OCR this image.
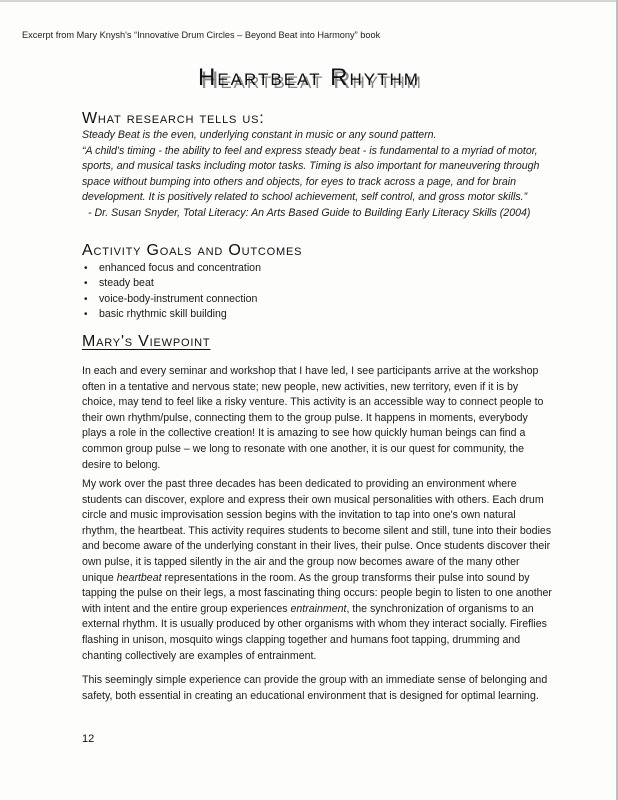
Excerpt from Mary Knysh's “Innovative Drum Circles – Beyond Beat into Harmony” book
Heartbeat Rhythm
What research tells us:

Steady Beat is the even, underlying constant in music or any sound pattern.

“A child's timing - the ability to feel and express steady beat - is fundamental to a myriad of motor, sports, and musical tasks including motor tasks. Timing is also important for maneuvering through space without bumping into others and objects, for eyes to track across a page, and for brain development. It is positively related to school achievement, self control, and gross motor skills.”

- Dr. Susan Snyder, Total Literacy: An Arts Based Guide to Building Early Literacy Skills (2004)

Activity Goals and Outcomes
• enhanced focus and concentration
• steady beat
• voice-body-instrument connection
• basic rhythmic skill building
Mary's Viewpoint

In each and every seminar and workshop that I have led, I see participants arrive at the workshop often in a tentative and nervous state; new people, new activities, new territory, even if it is by choice, may tend to feel like a risky venture. This activity is an accessible way to connect people to their own rhythm/pulse, connecting them to the group pulse. It happens in moments, everybody plays a role in the collective creation! It is amazing to see how quickly human beings can find a common group pulse – we long to resonate with one another, it is our quest for community, the desire to belong.

My work over the past three decades has been dedicated to providing an environment where students can discover, explore and express their own musical personalities with others. Each drum circle and music improvisation session begins with the invitation to tap into one's own natural rhythm, the heartbeat. This activity requires students to become silent and still, tune into their bodies and become aware of the underlying constant in their lives, their pulse. Once students discover their own pulse, it is tapped silently in the air and the group now becomes aware of the many other unique heartbeat representations in the room. As the group transforms their pulse into sound by tapping the pulse on their legs, a most fascinating thing occurs: people begin to listen to one another with intent and the entire group experiences entrainment, the synchronization of organisms to an external rhythm. It is usually produced by other organisms with whom they interact socially. Fireflies flashing in unison, mosquito wings clapping together and humans foot tapping, drumming and chanting collectively are examples of entrainment.

This seemingly simple experience can provide the group with an immediate sense of belonging and safety, both essential in creating an educational environment that is designed for optimal learning.

12
